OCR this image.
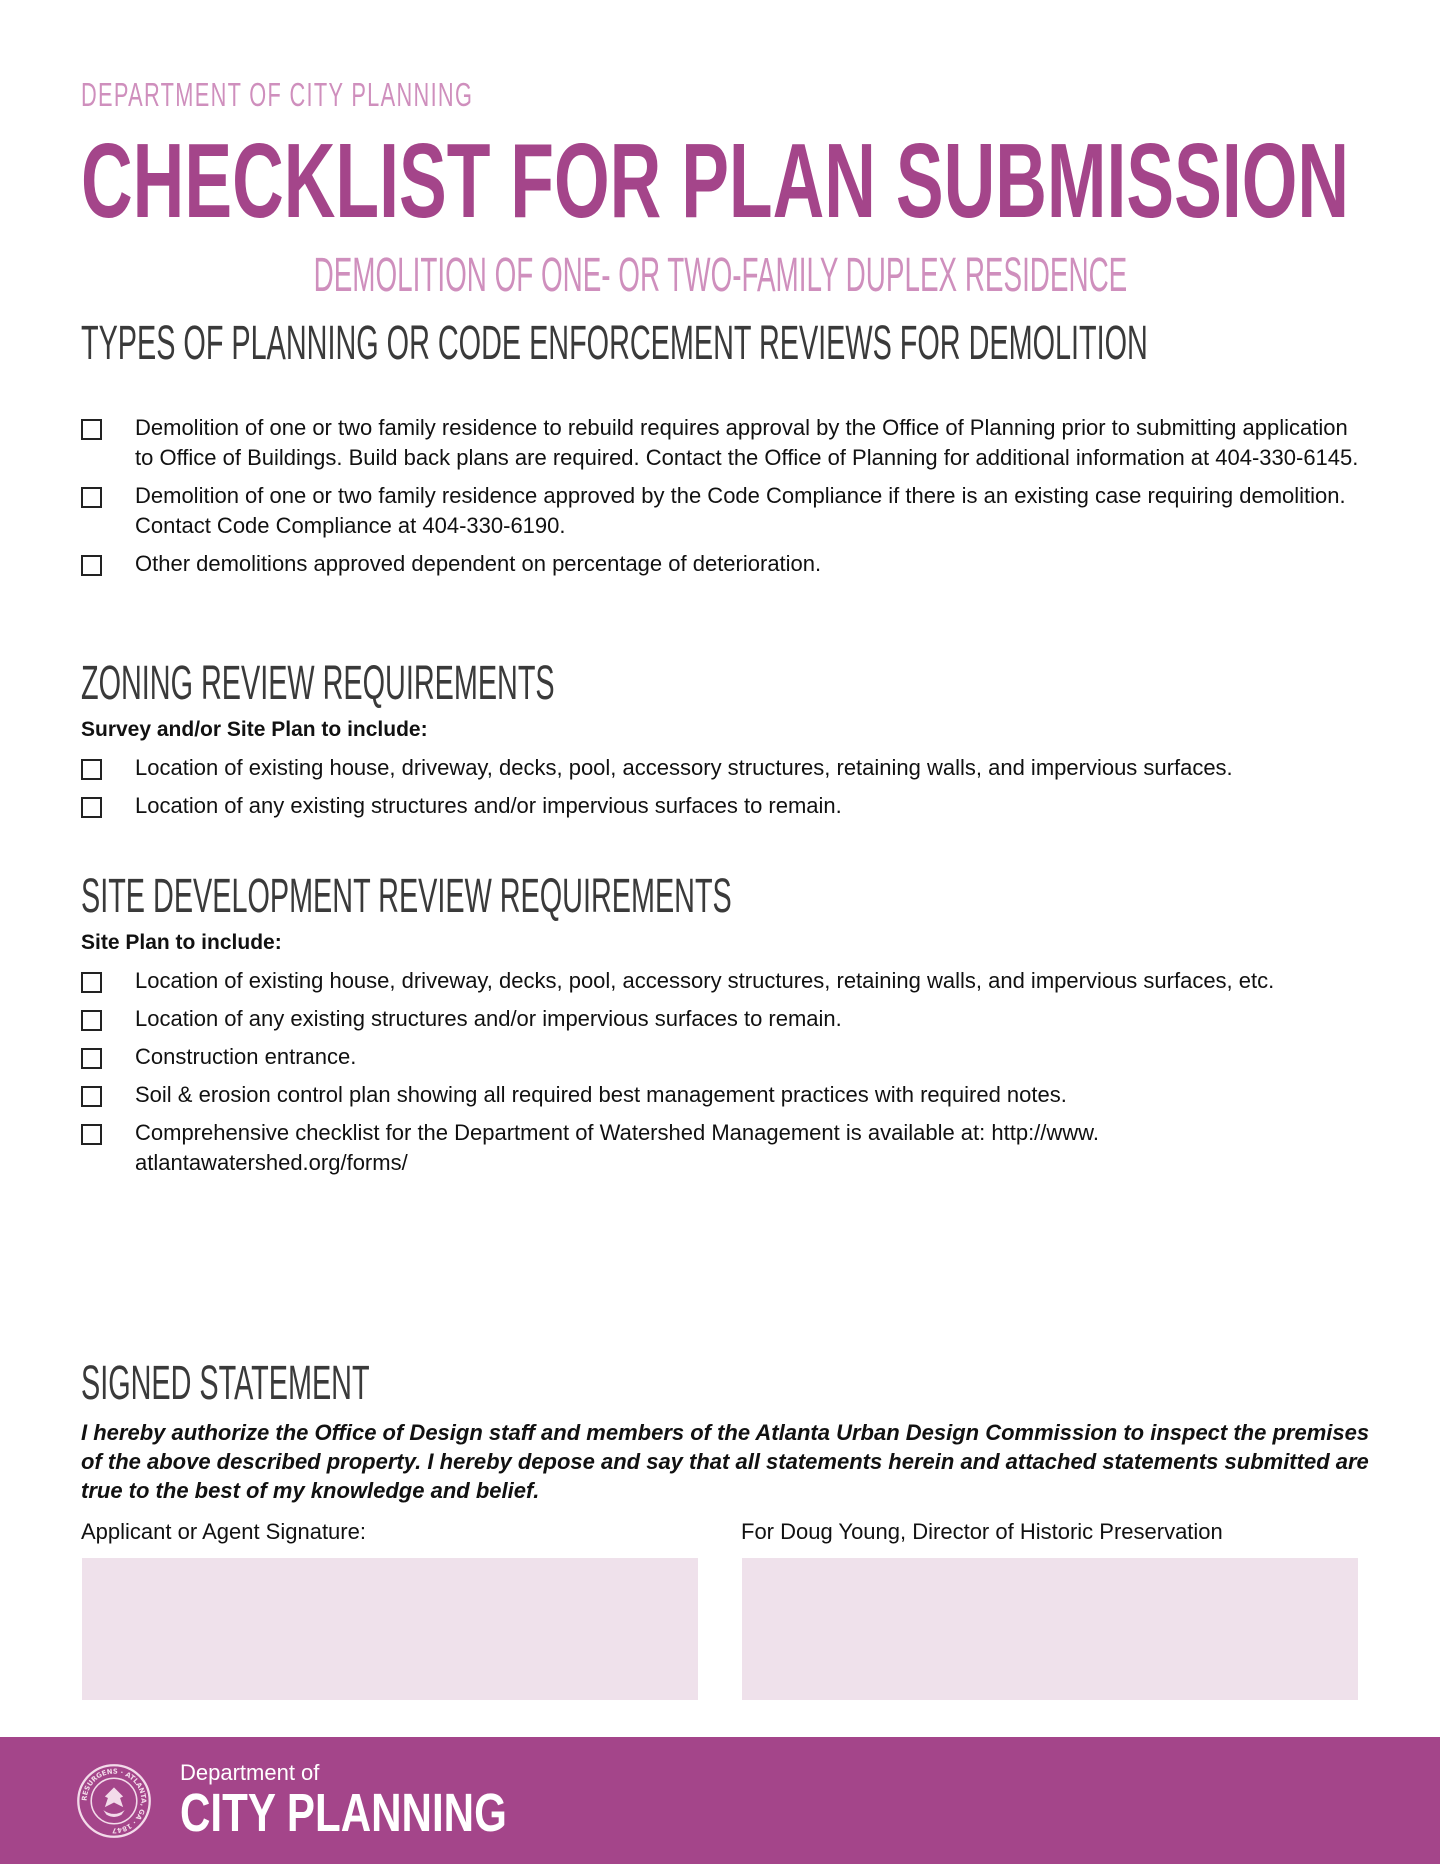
DEPARTMENT OF CITY PLANNING
CHECKLIST FOR PLAN SUBMISSION
DEMOLITION OF ONE- OR TWO-FAMILY DUPLEX RESIDENCE
TYPES OF PLANNING OR CODE ENFORCEMENT REVIEWS FOR DEMOLITION
Demolition of one or two family residence to rebuild requires approval by the Office of Planning prior to submitting application to Office of Buildings. Build back plans are required. Contact the Office of Planning for additional information at 404-330-6145.
Demolition of one or two family residence approved by the Code Compliance if there is an existing case requiring demolition. Contact Code Compliance at 404-330-6190.
Other demolitions approved dependent on percentage of deterioration.
ZONING REVIEW REQUIREMENTS
Survey and/or Site Plan to include:
Location of existing house, driveway, decks, pool, accessory structures, retaining walls, and impervious surfaces.
Location of any existing structures and/or impervious surfaces to remain.
SITE DEVELOPMENT REVIEW REQUIREMENTS
Site Plan to include:
Location of existing house, driveway, decks, pool, accessory structures, retaining walls, and impervious surfaces, etc.
Location of any existing structures and/or impervious surfaces to remain.
Construction entrance.
Soil & erosion control plan showing all required best management practices with required notes.
Comprehensive checklist for the Department of Watershed Management is available at: http://www. atlantawatershed.org/forms/
SIGNED STATEMENT
I hereby authorize the Office of Design staff and members of the Atlanta Urban Design Commission to inspect the premises of the above described property. I hereby depose and say that all statements herein and attached statements submitted are true to the best of my knowledge and belief.
Applicant or Agent Signature:	For Doug Young, Director of Historic Preservation
RESURGENS · ATLANTA, GA · 1847
Department of
CITY PLANNING
